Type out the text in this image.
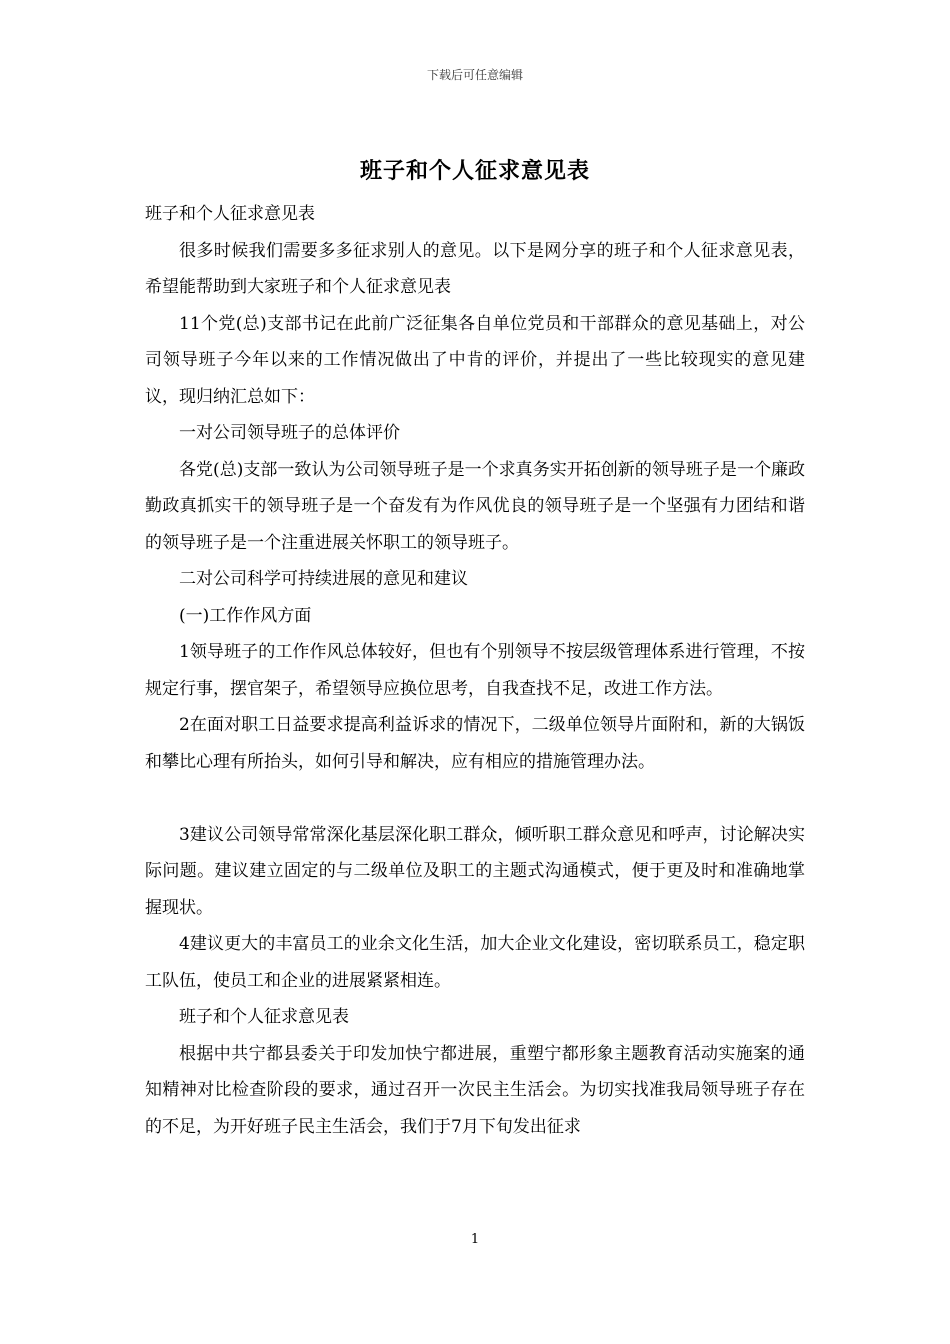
下载后可任意编辑
班子和个人征求意见表

班子和个人征求意见表

很多时候我们需要多多征求别人的意见。以下是网分享的班子和个人征求意见表，希望能帮助到大家班子和个人征求意见表

11个党(总)支部书记在此前广泛征集各自单位党员和干部群众的意见基础上，对公司领导班子今年以来的工作情况做出了中肯的评价，并提出了一些比较现实的意见建议，现归纳汇总如下：

一对公司领导班子的总体评价

各党(总)支部一致认为公司领导班子是一个求真务实开拓创新的领导班子是一个廉政勤政真抓实干的领导班子是一个奋发有为作风优良的领导班子是一个坚强有力团结和谐的领导班子是一个注重进展关怀职工的领导班子。

二对公司科学可持续进展的意见和建议

(一)工作作风方面

1领导班子的工作作风总体较好，但也有个别领导不按层级管理体系进行管理，不按规定行事，摆官架子，希望领导应换位思考，自我查找不足，改进工作方法。

2在面对职工日益要求提高利益诉求的情况下，二级单位领导片面附和，新的大锅饭和攀比心理有所抬头，如何引导和解决，应有相应的措施管理办法。

3建议公司领导常常深化基层深化职工群众，倾听职工群众意见和呼声，讨论解决实际问题。建议建立固定的与二级单位及职工的主题式沟通模式，便于更及时和准确地掌握现状。

4建议更大的丰富员工的业余文化生活，加大企业文化建设，密切联系员工，稳定职工队伍，使员工和企业的进展紧紧相连。

班子和个人征求意见表

根据中共宁都县委关于印发加快宁都进展，重塑宁都形象主题教育活动实施案的通知精神对比检查阶段的要求，通过召开一次民主生活会。为切实找准我局领导班子存在的不足，为开好班子民主生活会，我们于7月下旬发出征求

1
